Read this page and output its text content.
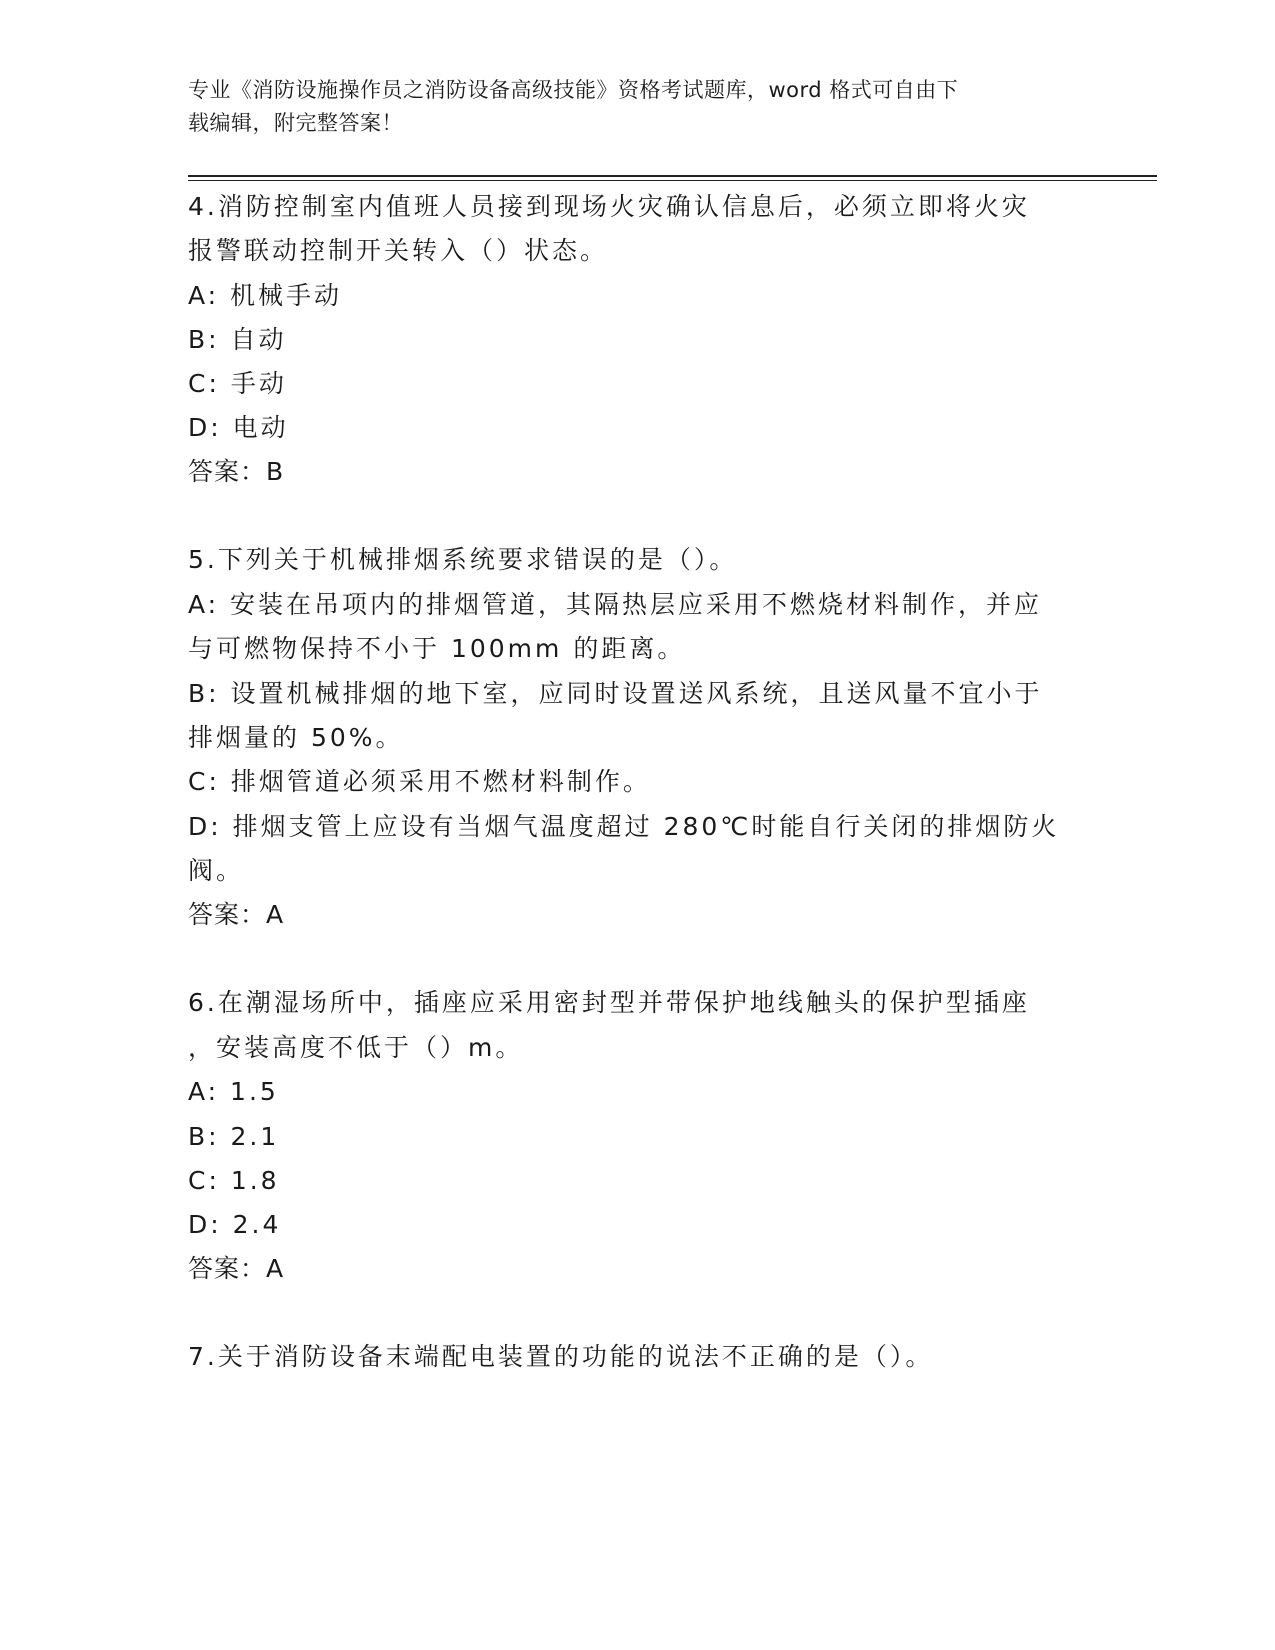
专业《消防设施操作员之消防设备高级技能》资格考试题库，word 格式可自由下
载编辑，附完整答案！
4.消防控制室内值班人员接到现场火灾确认信息后，必须立即将火灾
报警联动控制开关转入（）状态。
A: 机械手动
B: 自动
C: 手动
D: 电动
答案：B
5.下列关于机械排烟系统要求错误的是（）。
A: 安装在吊项内的排烟管道，其隔热层应采用不燃烧材料制作，并应
与可燃物保持不小于 100mm 的距离。
B: 设置机械排烟的地下室，应同时设置送风系统，且送风量不宜小于
排烟量的 50%。
C: 排烟管道必须采用不燃材料制作。
D: 排烟支管上应设有当烟气温度超过 280℃时能自行关闭的排烟防火
阀。
答案：A
6.在潮湿场所中，插座应采用密封型并带保护地线触头的保护型插座
，安装高度不低于（）m。
A: 1.5
B: 2.1
C: 1.8
D: 2.4
答案：A
7.关于消防设备末端配电装置的功能的说法不正确的是（）。
